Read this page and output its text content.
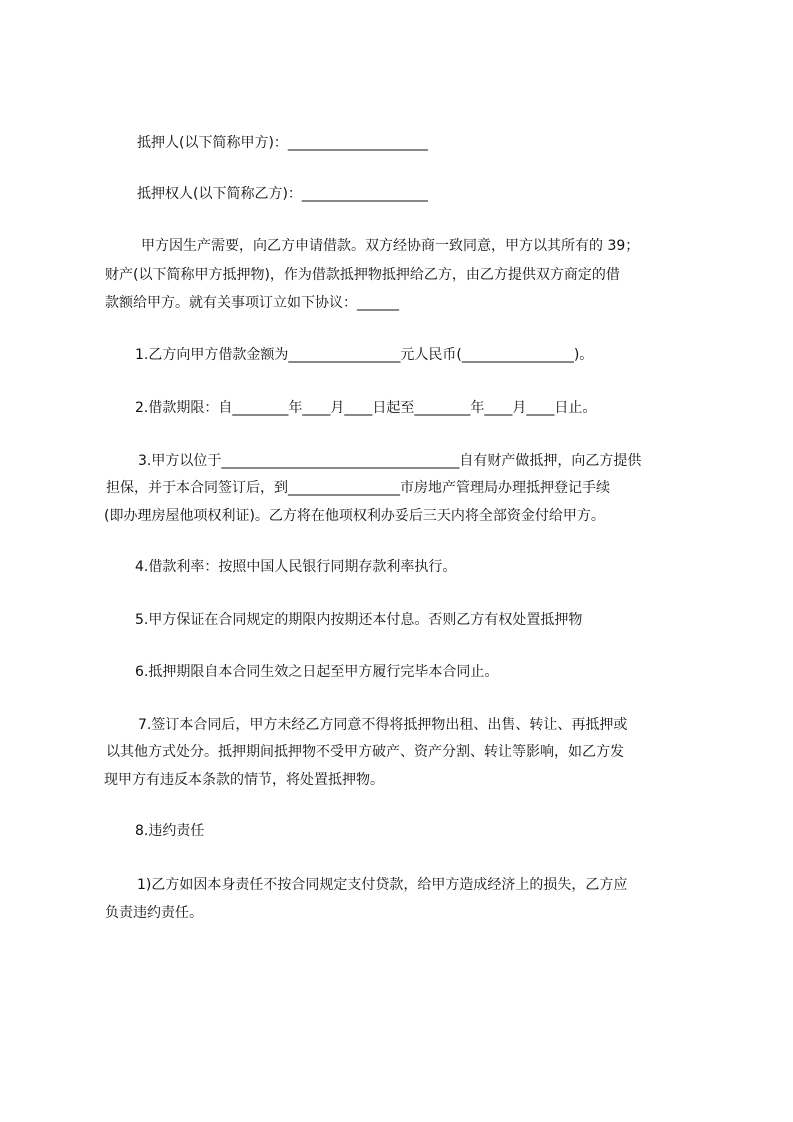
抵押人(以下简称甲方)：____________________
抵押权人(以下简称乙方)：__________________
甲方因生产需要，向乙方申请借款。双方经协商一致同意，甲方以其所有的 39；
财产(以下简称甲方抵押物)，作为借款抵押物抵押给乙方，由乙方提供双方商定的借
款额给甲方。就有关事项订立如下协议：______
1.乙方向甲方借款金额为________________元人民币(________________)。
2.借款期限：自________年____月____日起至________年____月____日止。
3.甲方以位于__________________________________自有财产做抵押，向乙方提供
担保，并于本合同签订后，到________________市房地产管理局办理抵押登记手续
(即办理房屋他项权利证)。乙方将在他项权利办妥后三天内将全部资金付给甲方。
4.借款利率：按照中国人民银行同期存款利率执行。
5.甲方保证在合同规定的期限内按期还本付息。否则乙方有权处置抵押物
6.抵押期限自本合同生效之日起至甲方履行完毕本合同止。
7.签订本合同后，甲方未经乙方同意不得将抵押物出租、出售、转让、再抵押或
以其他方式处分。抵押期间抵押物不受甲方破产、资产分割、转让等影响，如乙方发
现甲方有违反本条款的情节，将处置抵押物。
8.违约责任
1)乙方如因本身责任不按合同规定支付贷款，给甲方造成经济上的损失，乙方应
负责违约责任。
